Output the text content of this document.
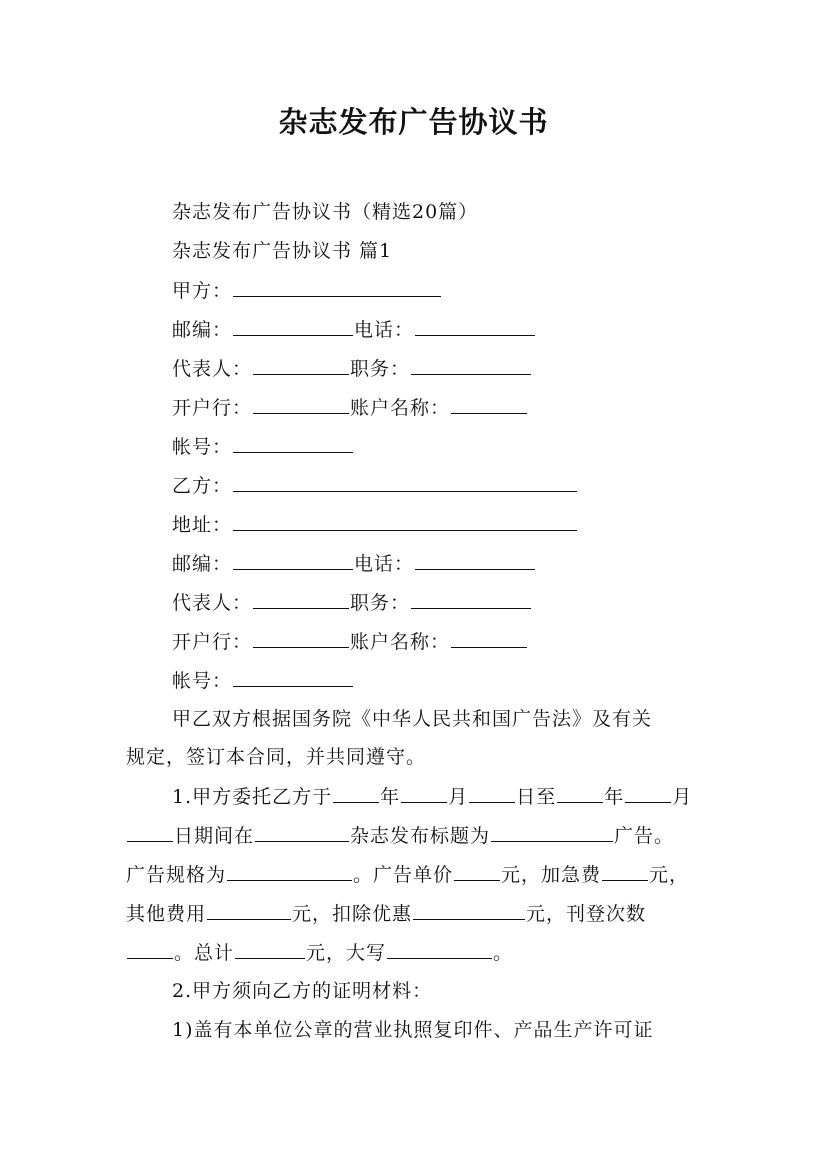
杂志发布广告协议书
杂志发布广告协议书（精选20篇）
杂志发布广告协议书 篇1
甲方：
邮编：	电话：
代表人：	职务：
开户行：	账户名称：
帐号：
乙方：
地址：
邮编：	电话：
代表人：	职务：
开户行：	账户名称：
帐号：
甲乙双方根据国务院《中华人民共和国广告法》及有关
规定，签订本合同，并共同遵守。
1.甲方委托乙方于	年	月	日至	年	月
日期间在	杂志发布标题为	广告。
广告规格为	。广告单价	元，加急费	元，
其他费用	元，扣除优惠	元，刊登次数
。总计	元，大写	。
2.甲方须向乙方的证明材料：
1)盖有本单位公章的营业执照复印件、产品生产许可证
